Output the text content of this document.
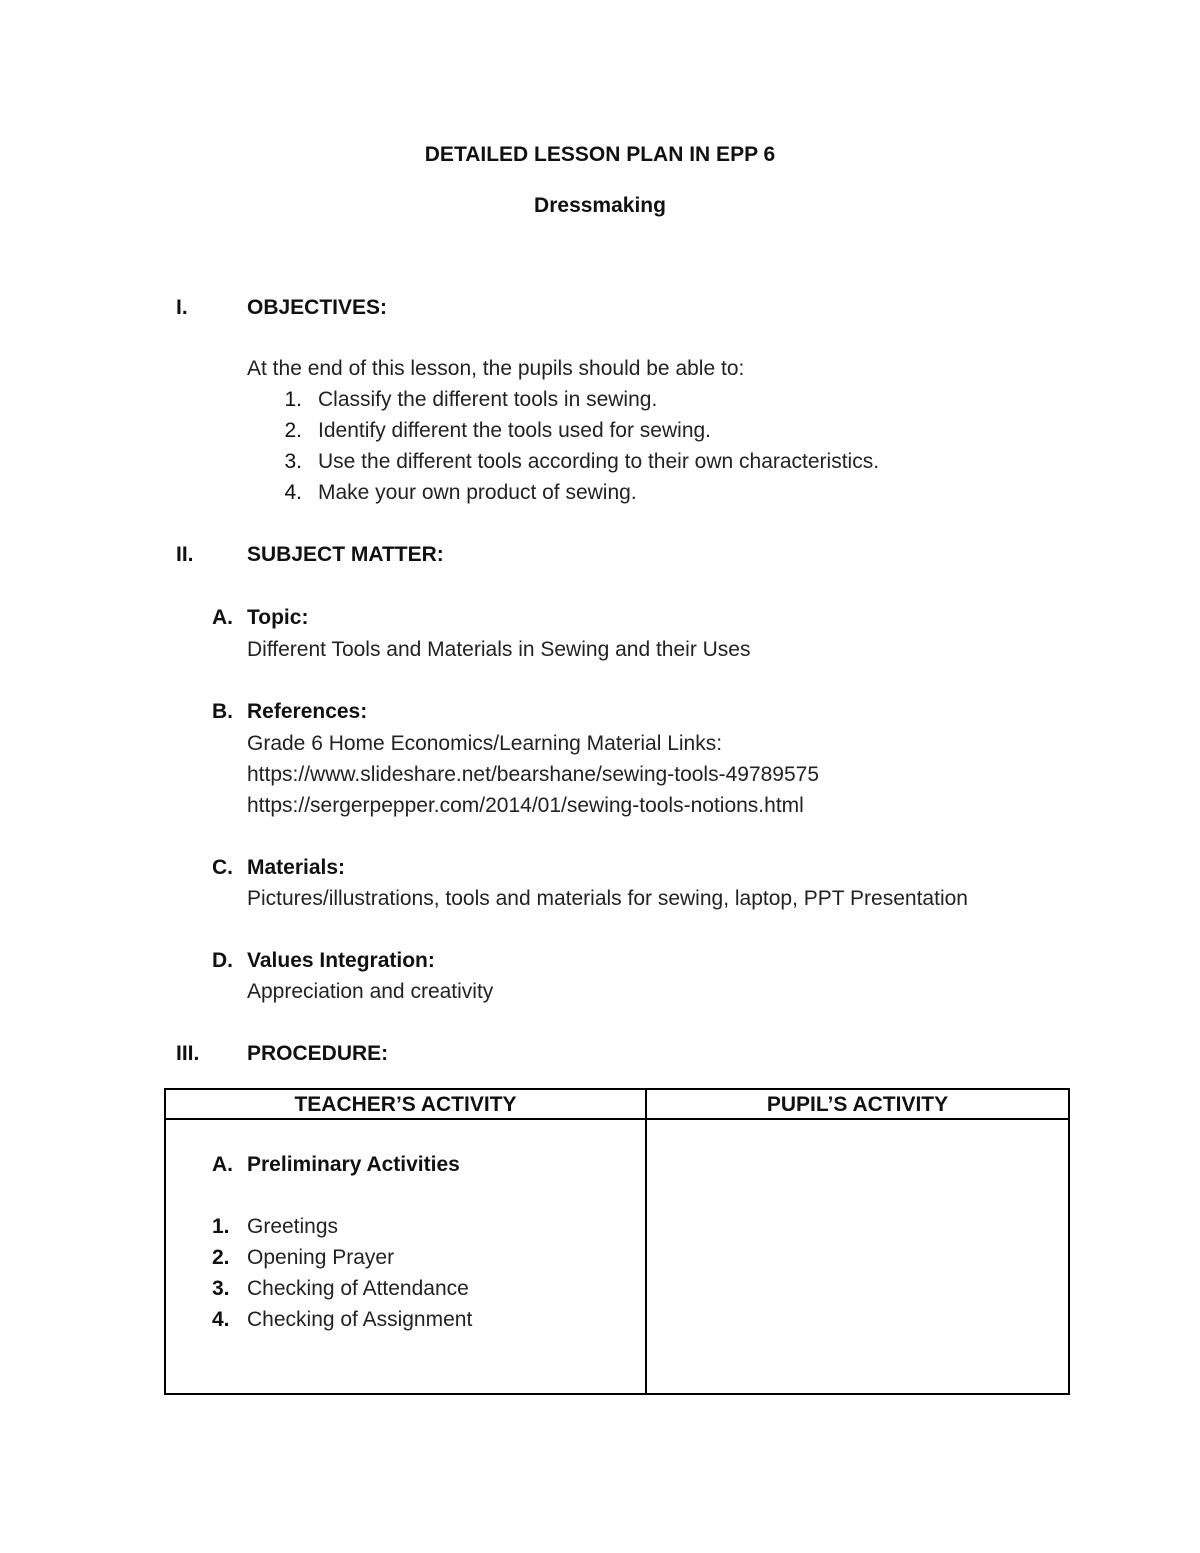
DETAILED LESSON PLAN IN EPP 6
Dressmaking
I.	OBJECTIVES:
At the end of this lesson, the pupils should be able to:
1. Classify the different tools in sewing.
2. Identify different the tools used for sewing.
3. Use the different tools according to their own characteristics.
4. Make your own product of sewing.
II.	SUBJECT MATTER:
A. Topic:
Different Tools and Materials in Sewing and their Uses
B. References:
Grade 6 Home Economics/Learning Material Links:
https://www.slideshare.net/bearshane/sewing-tools-49789575
https://sergerpepper.com/2014/01/sewing-tools-notions.html
C. Materials:
Pictures/illustrations, tools and materials for sewing, laptop, PPT Presentation
D. Values Integration:
Appreciation and creativity
III. PROCEDURE:
TEACHER’S ACTIVITY	PUPIL’S ACTIVITY
A. Preliminary Activities
1. Greetings
2. Opening Prayer
3. Checking of Attendance
4. Checking of Assignment
